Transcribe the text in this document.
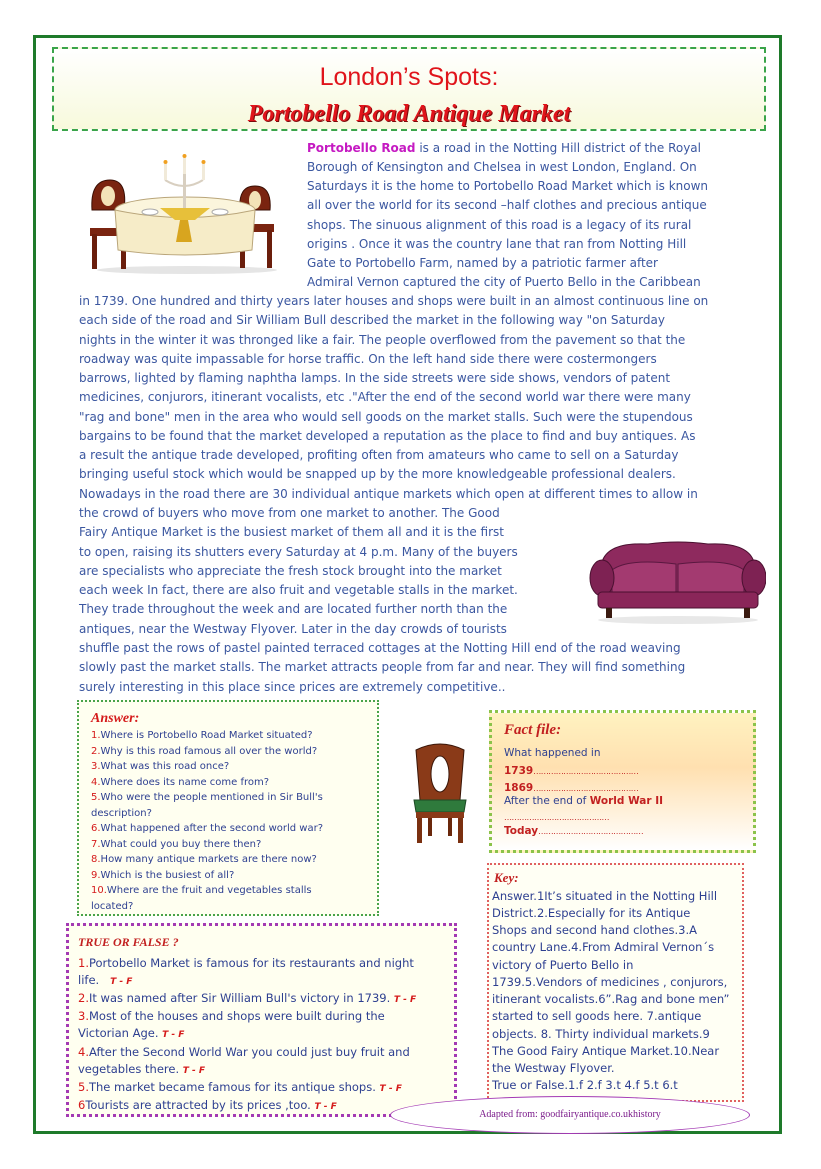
London’s Spots:
Portobello Road Antique Market
Portobello Road is a road in the Notting Hill district of the Royal
Borough of Kensington and Chelsea in west London, England. On
Saturdays it is the home to Portobello Road Market which is known
all over the world for its second –half clothes and precious antique
shops. The sinuous alignment of this road is a legacy of its rural
origins . Once it was the country lane that ran from Notting Hill
Gate to Portobello Farm, named by a patriotic farmer after
Admiral Vernon captured the city of Puerto Bello in the Caribbean
in 1739. One hundred and thirty years later houses and shops were built in an almost continuous line on
each side of the road and Sir William Bull described the market in the following way "on Saturday
nights in the winter it was thronged like a fair. The people overflowed from the pavement so that the
roadway was quite impassable for horse traffic. On the left hand side there were costermongers
barrows, lighted by flaming naphtha lamps. In the side streets were side shows, vendors of patent
medicines, conjurors, itinerant vocalists, etc ."After the end of the second world war there were many
"rag and bone" men in the area who would sell goods on the market stalls. Such were the stupendous
bargains to be found that the market developed a reputation as the place to find and buy antiques. As
a result the antique trade developed, profiting often from amateurs who came to sell on a Saturday
bringing useful stock which would be snapped up by the more knowledgeable professional dealers.
Nowadays in the road there are 30 individual antique markets which open at different times to allow in
the crowd of buyers who move from one market to another. The Good
Fairy Antique Market is the busiest market of them all and it is the first
to open, raising its shutters every Saturday at 4 p.m. Many of the buyers
are specialists who appreciate the fresh stock brought into the market
each week In fact, there are also fruit and vegetable stalls in the market.
They trade throughout the week and are located further north than the
antiques, near the Westway Flyover. Later in the day crowds of tourists
shuffle past the rows of pastel painted terraced cottages at the Notting Hill end of the road weaving
slowly past the market stalls. The market attracts people from far and near. They will find something
surely interesting in this place since prices are extremely competitive..
Answer:
1.Where is Portobello Road Market situated?
2.Why is this road famous all over the world?
3.What was this road once?
4.Where does its name come from?
5.Who were the people mentioned in Sir Bull's
description?
6.What happened after the second world war?
7.What could you buy there then?
8.How many antique markets are there now?
9.Which is the busiest of all?
10.Where are the fruit and vegetables stalls
located?
Fact file:
What happened in
1739……………………………………
1869……………………………………
After the end of World War II
……………………………………
Today……………………………………
Key:
Answer.1It’s situated in the Notting Hill
District.2.Especially for its Antique
Shops and second hand clothes.3.A
country Lane.4.From Admiral Vernon´s
victory of Puerto Bello in
1739.5.Vendors of medicines , conjurors,
itinerant vocalists.6”.Rag and bone men”
started to sell goods here. 7.antique
objects. 8. Thirty individual markets.9
The Good Fairy Antique Market.10.Near
the Westway Flyover.
True or False.1.f 2.f 3.t 4.f 5.t 6.t
TRUE OR FALSE ?
1.Portobello Market is famous for its restaurants and night
life. T - F
2.It was named after Sir William Bull's victory in 1739. T - F
3.Most of the houses and shops were built during the
Victorian Age. T - F
4.After the Second World War you could just buy fruit and
vegetables there. T - F
5.The market became famous for its antique shops. T - F
6Tourists are attracted by its prices ,too. T - F
Adapted from: goodfairyantique.co.ukhistory
